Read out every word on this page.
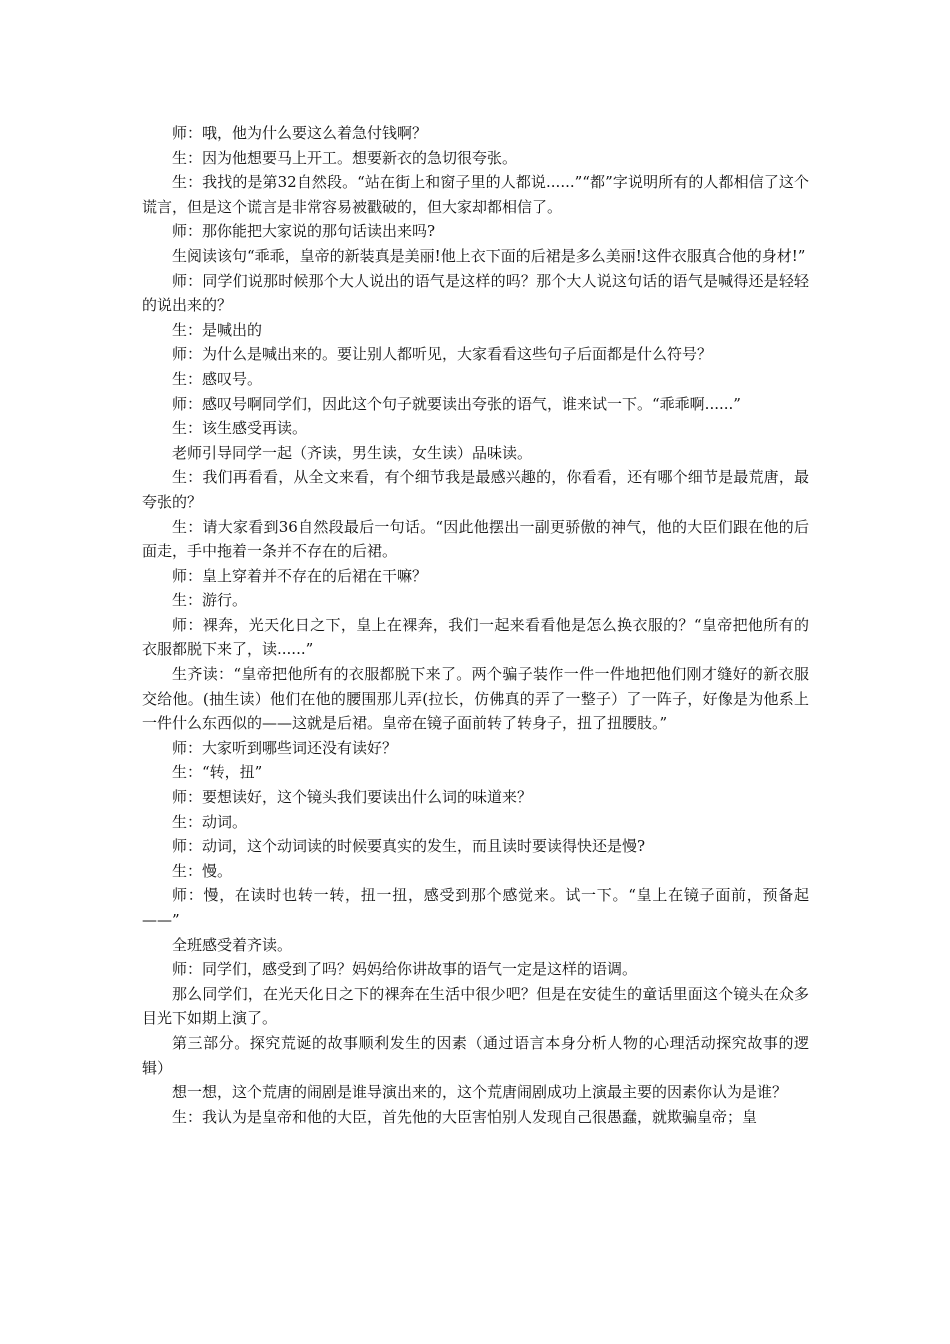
师：哦，他为什么要这么着急付钱啊？

生：因为他想要马上开工。想要新衣的急切很夸张。

生：我找的是第32自然段。“站在街上和窗子里的人都说......”“都”字说明所有的人都相信了这个谎言，但是这个谎言是非常容易被戳破的，但大家却都相信了。

师：那你能把大家说的那句话读出来吗?

生阅读该句“乖乖，皇帝的新装真是美丽!他上衣下面的后裙是多么美丽!这件衣服真合他的身材!”

师：同学们说那时候那个大人说出的语气是这样的吗？那个大人说这句话的语气是喊得还是轻轻的说出来的？

生：是喊出的

师：为什么是喊出来的。要让别人都听见，大家看看这些句子后面都是什么符号？

生：感叹号。

师：感叹号啊同学们，因此这个句子就要读出夸张的语气，谁来试一下。“乖乖啊......”

生：该生感受再读。

老师引导同学一起（齐读，男生读，女生读）品味读。

生：我们再看看，从全文来看，有个细节我是最感兴趣的，你看看，还有哪个细节是最荒唐，最夸张的？

生：请大家看到36自然段最后一句话。“因此他摆出一副更骄傲的神气，他的大臣们跟在他的后面走，手中拖着一条并不存在的后裙。

师：皇上穿着并不存在的后裙在干嘛？

生：游行。

师：裸奔，光天化日之下，皇上在裸奔，我们一起来看看他是怎么换衣服的？“皇帝把他所有的衣服都脱下来了，读......”

生齐读：“皇帝把他所有的衣服都脱下来了。两个骗子装作一件一件地把他们刚才缝好的新衣服交给他。(抽生读）他们在他的腰围那儿弄(拉长，仿佛真的弄了一整子）了一阵子，好像是为他系上一件什么东西似的——这就是后裙。皇帝在镜子面前转了转身子，扭了扭腰肢。”

师：大家听到哪些词还没有读好？

生：“转，扭”

师：要想读好，这个镜头我们要读出什么词的味道来？

生：动词。

师：动词，这个动词读的时候要真实的发生，而且读时要读得快还是慢?

生：慢。

师：慢，在读时也转一转，扭一扭，感受到那个感觉来。试一下。“皇上在镜子面前，预备起——”

全班感受着齐读。

师：同学们，感受到了吗？妈妈给你讲故事的语气一定是这样的语调。

那么同学们，在光天化日之下的裸奔在生活中很少吧？但是在安徒生的童话里面这个镜头在众多目光下如期上演了。

第三部分。探究荒诞的故事顺利发生的因素（通过语言本身分析人物的心理活动探究故事的逻辑）

想一想，这个荒唐的闹剧是谁导演出来的，这个荒唐闹剧成功上演最主要的因素你认为是谁？

生：我认为是皇帝和他的大臣，首先他的大臣害怕别人发现自己很愚蠢，就欺骗皇帝；皇
